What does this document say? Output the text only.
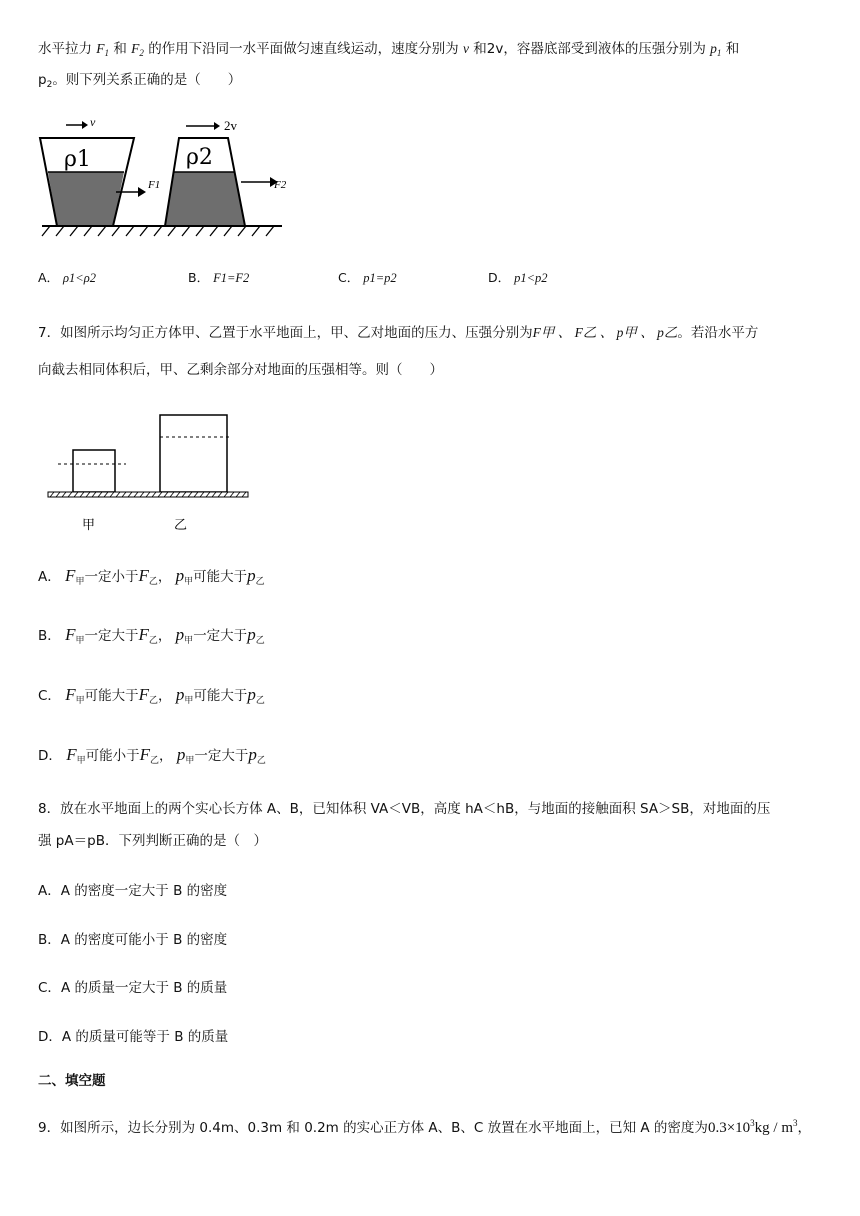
水平拉力 $F_1$ 和 $F_2$ 的作用下沿同一水平面做匀速直线运动，速度分别为 v 和2v，容器底部受到液体的压强分别为 $p_1$ 和
$p_2$。则下列关系正确的是（　　）
v	2v
ρ1
F1
ρ2
F2
A． ρ1<ρ2	B． F1=F2	C． p1=p2	D． p1<p2
7．如图所示均匀正方体甲、乙置于水平地面上，甲、乙对地面的压力、压强分别为F甲 、 F乙 、 p甲 、 p乙。若沿水平方
向截去相同体积后，甲、乙剩余部分对地面的压强相等。则（　　）
甲	乙
A． $F_甲$一定小于$F_乙$， $p_甲$可能大于$p_乙$
B． $F_甲$一定大于$F_乙$， $p_甲$一定大于$p_乙$
C． $F_甲$可能大于$F_乙$， $p_甲$可能大于$p_乙$
D． $F_甲$可能小于$F_乙$， $p_甲$一定大于$p_乙$
8．放在水平地面上的两个实心长方体 A、B，已知体积 VA＜VB，高度 hA＜hB，与地面的接触面积 SA＞SB，对地面的压
强 pA＝pB．下列判断正确的是（　）
A．A 的密度一定大于 B 的密度
B．A 的密度可能小于 B 的密度
C．A 的质量一定大于 B 的质量
D．A 的质量可能等于 B 的质量
二、填空题
9．如图所示，边长分别为 0.4m、0.3m 和 0.2m 的实心正方体 A、B、C 放置在水平地面上，已知 A 的密度为$0.3\times 10^3kg / m^3$，
